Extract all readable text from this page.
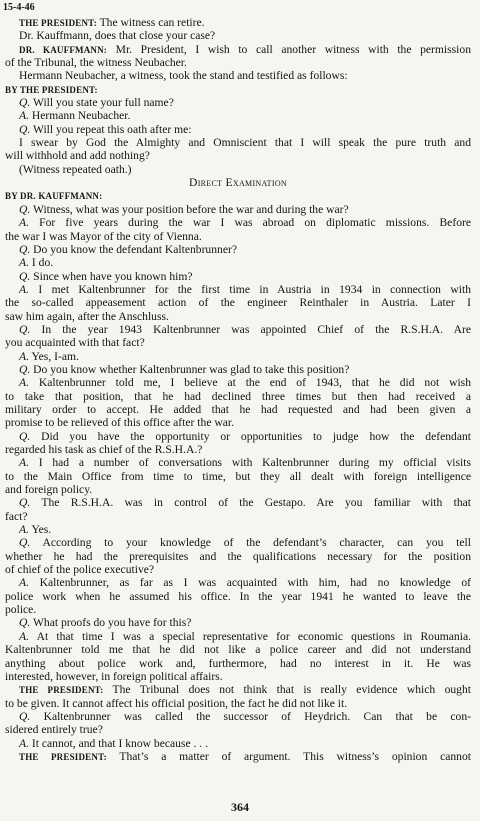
15-4-46
THE PRESIDENT: The witness can retire.
Dr. Kauffmann, does that close your case?
DR. KAUFFMANN: Mr. President, I wish to call another witness with the permission
of the Tribunal, the witness Neubacher.
Hermann Neubacher, a witness, took the stand and testified as follows:
BY THE PRESIDENT:
Q. Will you state your full name?
A. Hermann Neubacher.
Q. Will you repeat this oath after me:
I swear by God the Almighty and Omniscient that I will speak the pure truth and
will withhold and add nothing?
(Witness repeated oath.)
Direct Examination
BY DR. KAUFFMANN:
Q. Witness, what was your position before the war and during the war?
A. For five years during the war I was abroad on diplomatic missions. Before
the war I was Mayor of the city of Vienna.
Q. Do you know the defendant Kaltenbrunner?
A. I do.
Q. Since when have you known him?
A. I met Kaltenbrunner for the first time in Austria in 1934 in connection with
the so-called appeasement action of the engineer Reinthaler in Austria. Later I
saw him again, after the Anschluss.
Q. In the year 1943 Kaltenbrunner was appointed Chief of the R.S.H.A. Are
you acquainted with that fact?
A. Yes, I-am.
Q. Do you know whether Kaltenbrunner was glad to take this position?
A. Kaltenbrunner told me, I believe at the end of 1943, that he did not wish
to take that position, that he had declined three times but then had received a
military order to accept. He added that he had requested and had been given a
promise to be relieved of this office after the war.
Q. Did you have the opportunity or opportunities to judge how the defendant
regarded his task as chief of the R.S.H.A.?
A. I had a number of conversations with Kaltenbrunner during my official visits
to the Main Office from time to time, but they all dealt with foreign intelligence
and foreign policy.
Q. The R.S.H.A. was in control of the Gestapo. Are you familiar with that
fact?
A. Yes.
Q. According to your knowledge of the defendant’s character, can you tell
whether he had the prerequisites and the qualifications necessary for the position
of chief of the police executive?
A. Kaltenbrunner, as far as I was acquainted with him, had no knowledge of
police work when he assumed his office. In the year 1941 he wanted to leave the
police.
Q. What proofs do you have for this?
A. At that time I was a special representative for economic questions in Roumania.
Kaltenbrunner told me that he did not like a police career and did not understand
anything about police work and, furthermore, had no interest in it. He was
interested, however, in foreign political affairs.
THE PRESIDENT: The Tribunal does not think that is really evidence which ought
to be given. It cannot affect his official position, the fact he did not like it.
Q. Kaltenbrunner was called the successor of Heydrich. Can that be con-
sidered entirely true?
A. It cannot, and that I know because . . .
THE PRESIDENT: That’s a matter of argument. This witness’s opinion cannot
364
